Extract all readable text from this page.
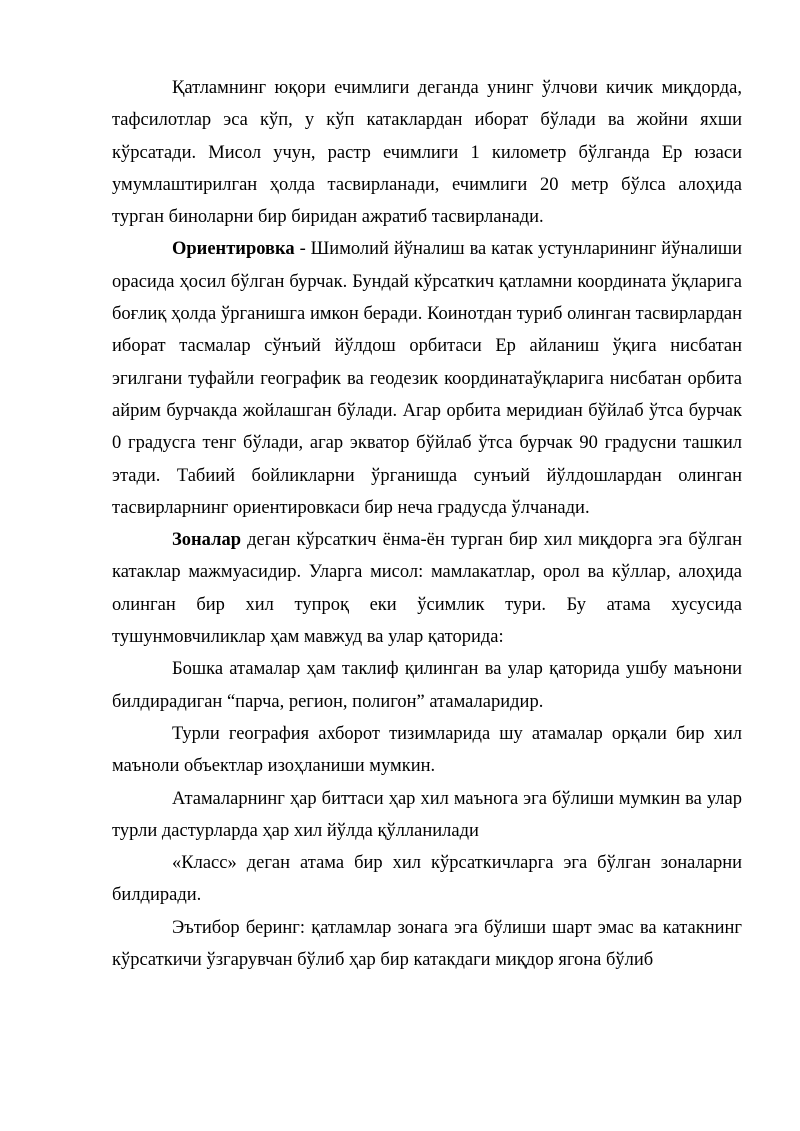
Қатламнинг юқори ечимлиги деганда унинг ўлчови кичик миқдорда, тафсилотлар эса кўп, у кўп катаклардан иборат бўлади ва жойни яхши кўрсатади. Мисол учун, растр ечимлиги 1 километр бўлганда Ер юзаси умумлаштирилган ҳолда тасвирланади, ечимлиги 20 метр бўлса алоҳида турган биноларни бир биридан ажратиб тасвирланади.

Ориентировка - Шимолий йўналиш ва катак устунларининг йўналиши орасида ҳосил бўлган бурчак. Бундай кўрсаткич қатламни координата ўқларига боғлиқ ҳолда ўрганишга имкон беради. Коинотдан туриб олинган тасвирлардан иборат тасмалар сўнъий йўлдош орбитаси Ер айланиш ўқига нисбатан эгилгани туфайли географик ва геодезик координатаўқларига нисбатан орбита айрим бурчакда жойлашган бўлади. Агар орбита меридиан бўйлаб ўтса бурчак 0 градусга тенг бўлади, агар экватор бўйлаб ўтса бурчак 90 градусни ташкил этади. Табиий бойликларни ўрганишда сунъий йўлдошлардан олинган тасвирларнинг ориентировкаси бир неча градусда ўлчанади.

Зоналар деган кўрсаткич ёнма-ён турган бир хил миқдорга эга бўлган катаклар мажмуасидир. Уларга мисол: мамлакатлар, орол ва кўллар, алоҳида олинган бир хил тупроқ еки ўсимлик тури. Бу атама хусусида тушунмовчиликлар ҳам мавжуд ва улар қаторида:

Бошка атамалар ҳам таклиф қилинган ва улар қаторида ушбу маънони билдирадиган “парча, регион, полигон” атамаларидир.

Турли география ахборот тизимларида шу атамалар орқали бир хил маъноли объектлар изоҳланиши мумкин.

Атамаларнинг ҳар биттаси ҳар хил маънога эга бўлиши мумкин ва улар турли дастурларда ҳар хил йўлда қўлланилади

«Класс» деган атама бир хил кўрсаткичларга эга бўлган зоналарни билдиради.

Эътибор беринг: қатламлар зонага эга бўлиши шарт эмас ва катакнинг кўрсаткичи ўзгарувчан бўлиб ҳар бир катакдаги миқдор ягона бўлиб
